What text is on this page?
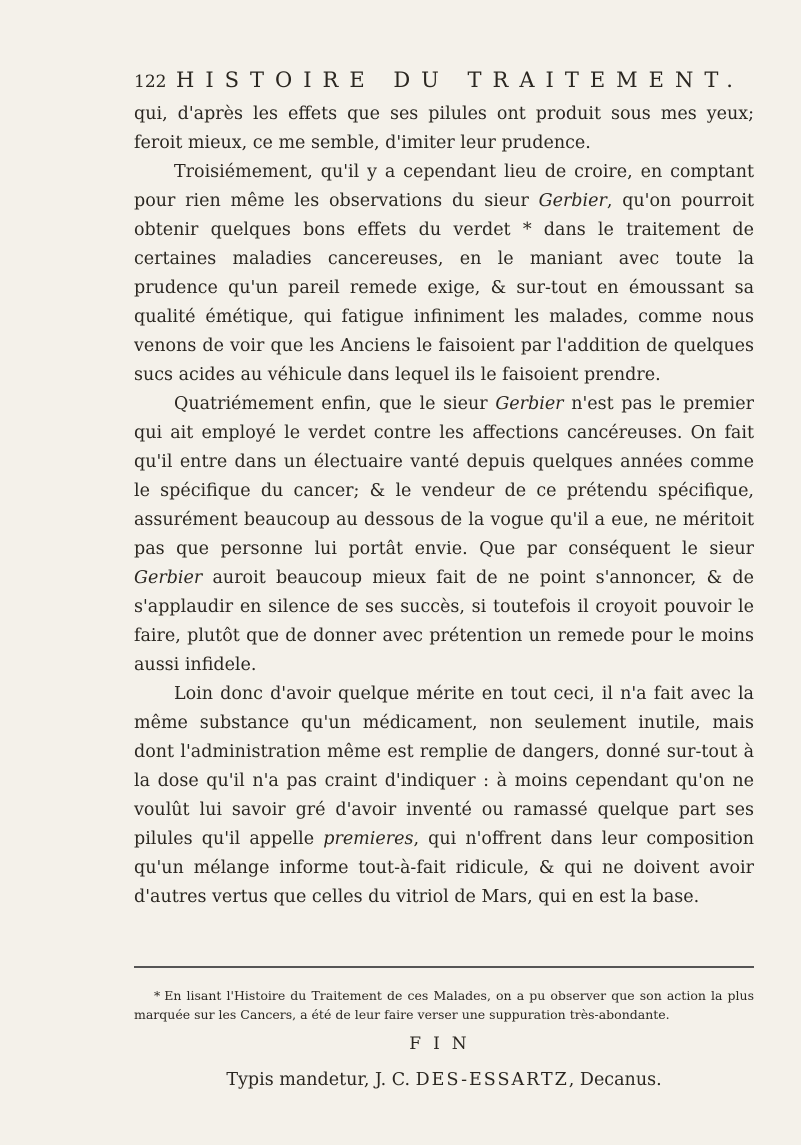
122 HISTOIRE DU TRAITEMENT.

qui, d'après les effets que ses pilules ont produit sous mes yeux; feroit mieux, ce me semble, d'imiter leur prudence.

Troisiémement, qu'il y a cependant lieu de croire, en comptant pour rien même les observations du sieur Gerbier, qu'on pourroit obtenir quelques bons effets du verdet * dans le traitement de certaines maladies cancereuses, en le maniant avec toute la prudence qu'un pareil remede exige, & sur-tout en émoussant sa qualité émétique, qui fatigue infiniment les malades, comme nous venons de voir que les Anciens le faisoient par l'addition de quelques sucs acides au véhicule dans lequel ils le faisoient prendre.

Quatriémement enfin, que le sieur Gerbier n'est pas le premier qui ait employé le verdet contre les affections cancéreuses. On fait qu'il entre dans un électuaire vanté depuis quelques années comme le spécifique du cancer; & le vendeur de ce prétendu spécifique, assurément beaucoup au dessous de la vogue qu'il a eue, ne méritoit pas que personne lui portât envie. Que par conséquent le sieur Gerbier auroit beaucoup mieux fait de ne point s'annoncer, & de s'applaudir en silence de ses succès, si toutefois il croyoit pouvoir le faire, plutôt que de donner avec prétention un remede pour le moins aussi infidele.

Loin donc d'avoir quelque mérite en tout ceci, il n'a fait avec la même substance qu'un médicament, non seulement inutile, mais dont l'administration même est remplie de dangers, donné sur-tout à la dose qu'il n'a pas craint d'indiquer : à moins cependant qu'on ne voulût lui savoir gré d'avoir inventé ou ramassé quelque part ses pilules qu'il appelle premieres, qui n'offrent dans leur composition qu'un mélange informe tout-à-fait ridicule, & qui ne doivent avoir d'autres vertus que celles du vitriol de Mars, qui en est la base.

* En lisant l'Histoire du Traitement de ces Malades, on a pu observer que son action la plus marquée sur les Cancers, a été de leur faire verser une suppuration très-abondante.
FIN
Typis mandetur, J. C. DES-ESSARTZ, Decanus.
